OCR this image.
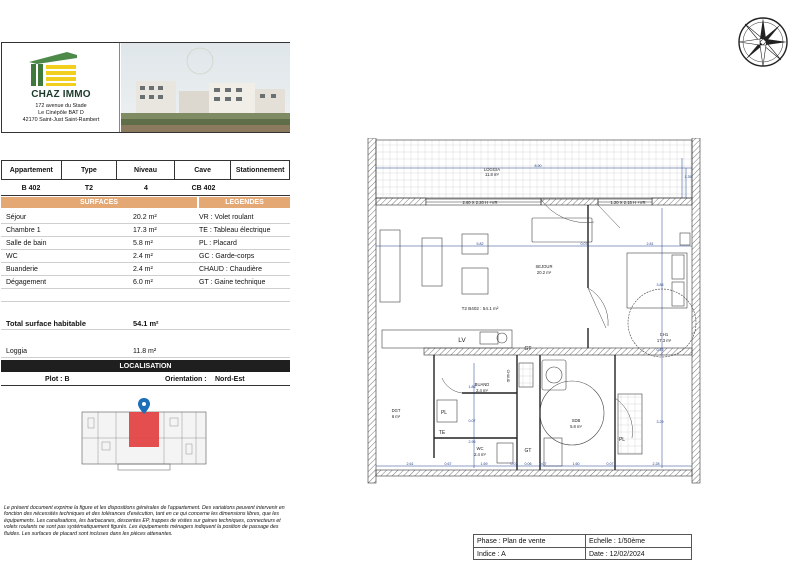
CHAZ IMMO
172 avenue du Stade
Le Cinépôle BAT D
42170 Saint-Just Saint-Rambert
Appartement	Type	Niveau	Cave	Stationnement
B 402	T2	4	CB 402
SURFACES	LEGENDES
Séjour	20.2 m²	VR : Volet roulant
Chambre 1	17.3 m²	TE : Tableau électrique
Salle de bain	5.8 m²	PL : Placard
WC	2.4 m²	GC : Garde-corps
Buanderie	2.4 m²	CHAUD : Chaudière
Dégagement	6.0 m²	GT : Gaine technique
Total surface habitable	54.1 m²
Loggia	11.8 m²
LOCALISATION
Plot : B	Orientation :	Nord-Est
Le présent document exprime la figure et les dispositions générales de l'appartement. Des variations peuvent intervenir en fonction des nécessités techniques et des tolérances d'exécution, tant en ce qui concerne les dimensions libres, que les équipements. Les canalisations, les barbacanes, descentes EP, trappes de visites sur gaines techniques, connecteurs et volets roulants ne sont pas systématiquement figurés. Les équipements ménagers indiquent la position de passage des fluides. Les surfaces de placard sont incluses dans les pièces attenantes.
LOGGIA
11.8 m²
2.60 X 2.20 H +VR	1.20 X 2.15 H +VR
SEJOUR
20.2 m²
T2 B402 : 54.1 m²
CH1
17.3 m²
BUAND
2.4 m²
DGT
6 m²
WC
2.4 m²
SDB
5.8 m²
LV
GT
GT
CHAUD
PL
PL
TE
8.90
1.35
5.82	0.07	2.81
3.85
0.15
3.29
1.86
0.07
2.95
2.61	0.67	1.69	0.07 0.06 0.07	1.60	0.07	2.28
Phase : Plan de vente	Echelle : 1/50ème
Indice : A	Date : 12/02/2024
